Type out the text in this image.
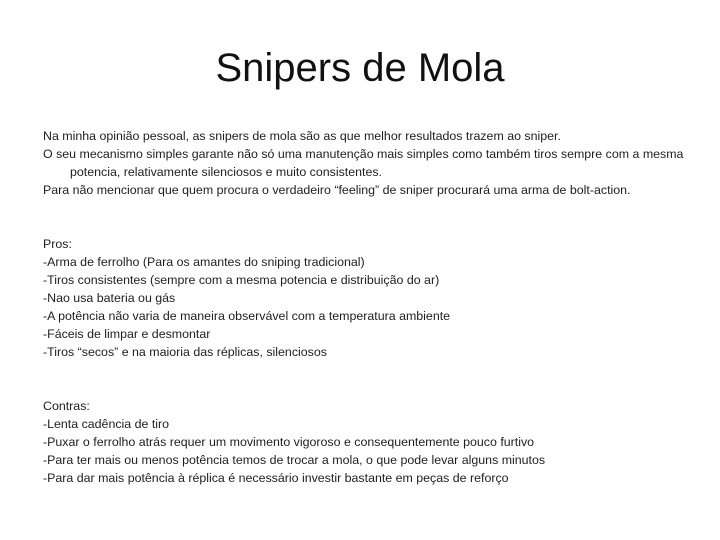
Snipers de Mola

Na minha opinião pessoal, as snipers de mola são as que melhor resultados trazem ao sniper.

O seu mecanismo simples garante não só uma manutenção mais simples como também tiros sempre com a mesma potencia, relativamente silenciosos e muito consistentes.

Para não mencionar que quem procura o verdadeiro “feeling” de sniper procurará uma arma de bolt-action.

Pros:

-Arma de ferrolho (Para os amantes do sniping tradicional)

-Tiros consistentes (sempre com a mesma potencia e distribuição do ar)

-Nao usa bateria ou gás

-A potência não varia de maneira observável com a temperatura ambiente

-Fáceis de limpar e desmontar

-Tiros “secos” e na maioria das réplicas, silenciosos

Contras:

-Lenta cadência de tiro

-Puxar o ferrolho atrás requer um movimento vigoroso e consequentemente pouco furtivo

-Para ter mais ou menos potência temos de trocar a mola, o que pode levar alguns minutos

-Para dar mais potência à réplica é necessário investir bastante em peças de reforço
